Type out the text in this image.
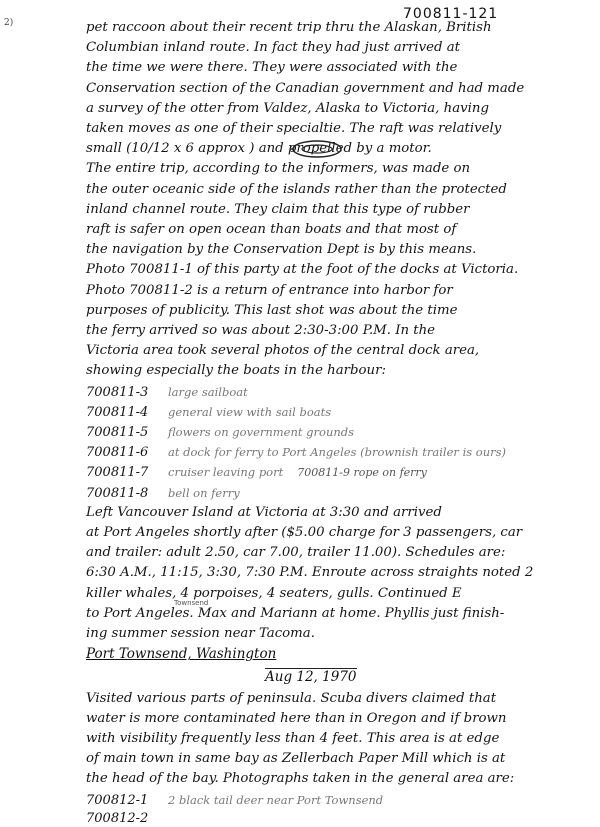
700811-121
2)	pet raccoon about their recent trip thru the Alaskan, British
Columbian inland route. In fact they had just arrived at
the time we were there. They were associated with the
Conservation section of the Canadian government and had made
a survey of the otter from Valdez, Alaska to Victoria, having
taken moves as one of their specialtie. The raft was relatively
small (10/12 x 6 approx ) and propelled by a motor.
The entire trip, according to the informers, was made on
the outer oceanic side of the islands rather than the protected
inland channel route. They claim that this type of rubber
raft is safer on open ocean than boats and that most of
the navigation by the Conservation Dept is by this means.
Photo 700811-1 of this party at the foot of the docks at Victoria.
Photo 700811-2 is a return of entrance into harbor for
purposes of publicity. This last shot was about the time
the ferry arrived so was about 2:30-3:00 P.M. In the
Victoria area took several photos of the central dock area,
showing especially the boats in the harbour:
700811-3 large sailboat
700811-4 general view with sail boats
700811-5 flowers on government grounds
700811-6 at dock for ferry to Port Angeles (brownish trailer is ours)
700811-7 cruiser leaving port 700811-9 rope on ferry
700811-8 bell on ferry
Left Vancouver Island at Victoria at 3:30 and arrived
at Port Angeles shortly after ($5.00 charge for 3 passengers, car
and trailer: adult 2.50, car 7.00, trailer 11.00). Schedules are:
6:30 A.M., 11:15, 3:30, 7:30 P.M. Enroute across straights noted 2
killer whales, 4 porpoises, 4 seaters, gulls. Continued E
to Port Angeles. Max and Mariann at home. Phyllis just finish-
ing summer session near Tacoma.
Townsend
Port Townsend, Washington
Aug 12, 1970
Visited various parts of peninsula. Scuba divers claimed that
water is more contaminated here than in Oregon and if brown
with visibility frequently less than 4 feet. This area is at edge
of main town in same bay as Zellerbach Paper Mill which is at
the head of the bay. Photographs taken in the general area are:
700812-1 2 black tail deer near Port Townsend
700812-2
